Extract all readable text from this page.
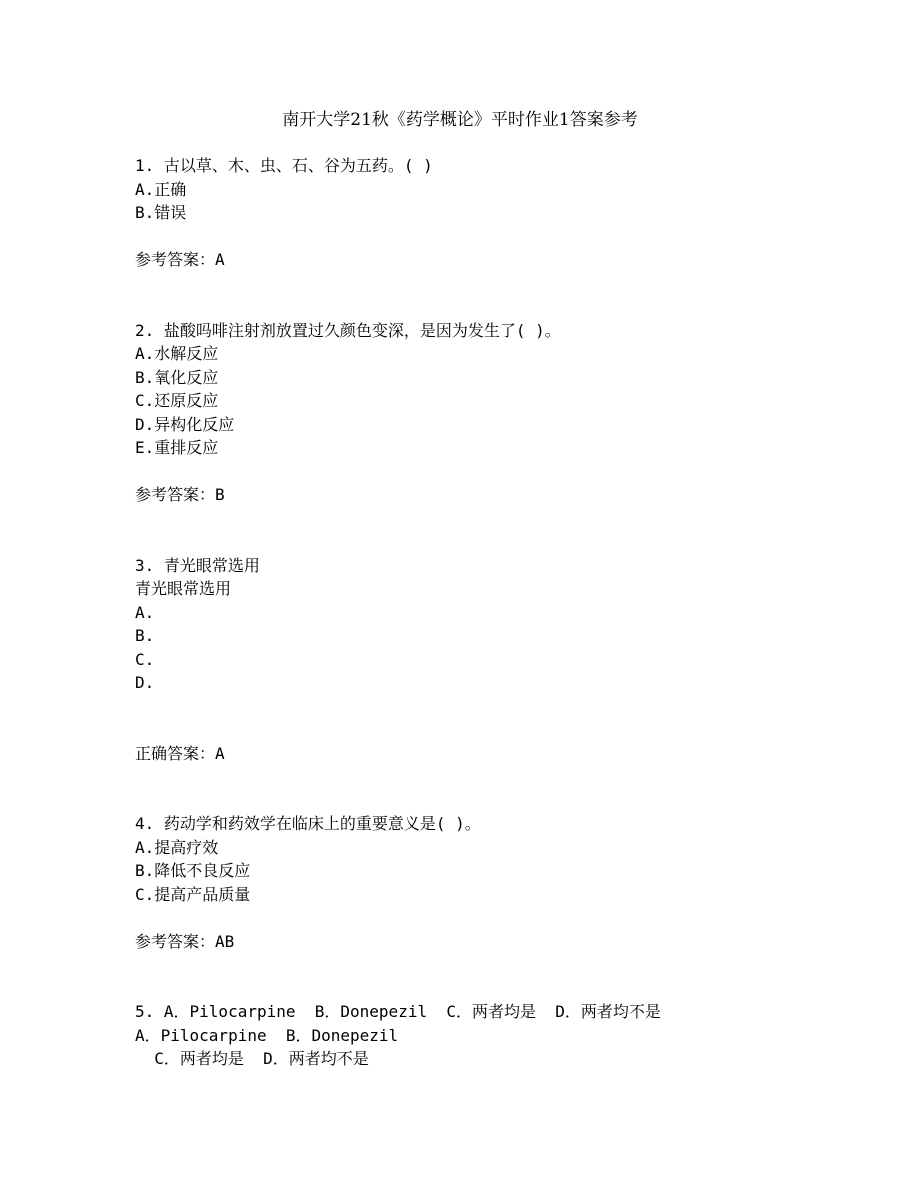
南开大学21秋《药学概论》平时作业1答案参考

1. 古以草、木、虫、石、谷为五药。( )

A.正确

B.错误

参考答案：A

2. 盐酸吗啡注射剂放置过久颜色变深，是因为发生了( )。

A.水解反应

B.氧化反应

C.还原反应

D.异构化反应

E.重排反应

参考答案：B

3. 青光眼常选用

青光眼常选用

A.

B.

C.

D.

正确答案：A

4. 药动学和药效学在临床上的重要意义是( )。

A.提高疗效

B.降低不良反应

C.提高产品质量

参考答案：AB

5. A．Pilocarpine  B．Donepezil  C．两者均是  D．两者均不是

A．Pilocarpine  B．Donepezil

C．两者均是  D．两者均不是
